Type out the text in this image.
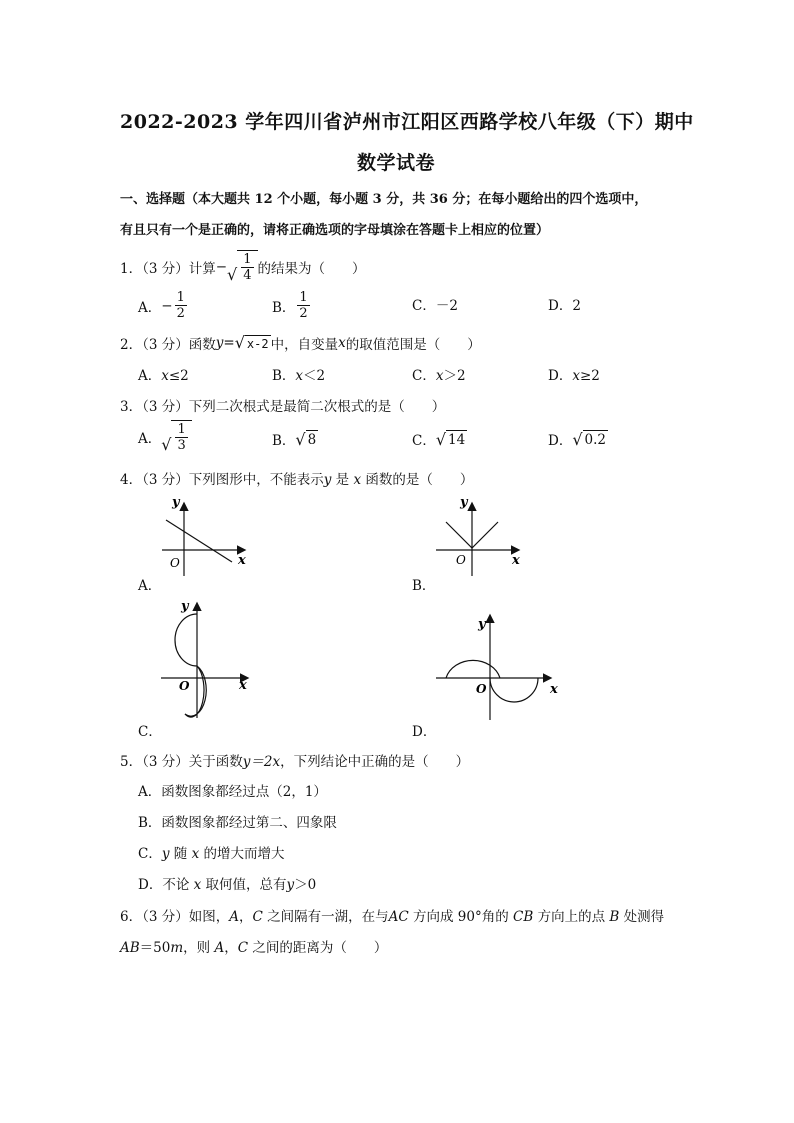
2022-2023 学年四川省泸州市江阳区西路学校八年级（下）期中
数学试卷
一、选择题（本大题共 12 个小题，每小题 3 分，共 36 分；在每小题给出的四个选项中，
有且只有一个是正确的，请将正确选项的字母填涂在答题卡上相应的位置）
1．（3 分）计算 − √ $\frac{1}{4}$ 的结果为（　　）
A． − $\frac{1}{2}$	B． $\frac{1}{2}$	C．－2	D．2
2．（3 分）函数 y = √ x-2 中，自变量 x 的取值范围是（　　）
A．x≤2	B．x＜2	C．x＞2	D．x≥2
3．（3 分）下列二次根式是最简二次根式的是（　　）
A． √ $\frac{1}{3}$	B． √ 8	C． √ 14	D． √ 0.2
4．（3 分）下列图形中，不能表示y 是 x 函数的是（　　）
y
x
O
A．
y
x
O
B．
y
x
O
C．
y
x
O
D．
5．（3 分）关于函数y＝2x，下列结论中正确的是（　　）
A．函数图象都经过点（2，1）
B．函数图象都经过第二、四象限
C．y 随 x 的增大而增大
D．不论 x 取何值，总有y＞0
6．（3 分）如图，A，C 之间隔有一湖，在与AC 方向成 90°角的 CB 方向上的点 B 处测得
AB＝50m，则 A，C 之间的距离为（　　）
